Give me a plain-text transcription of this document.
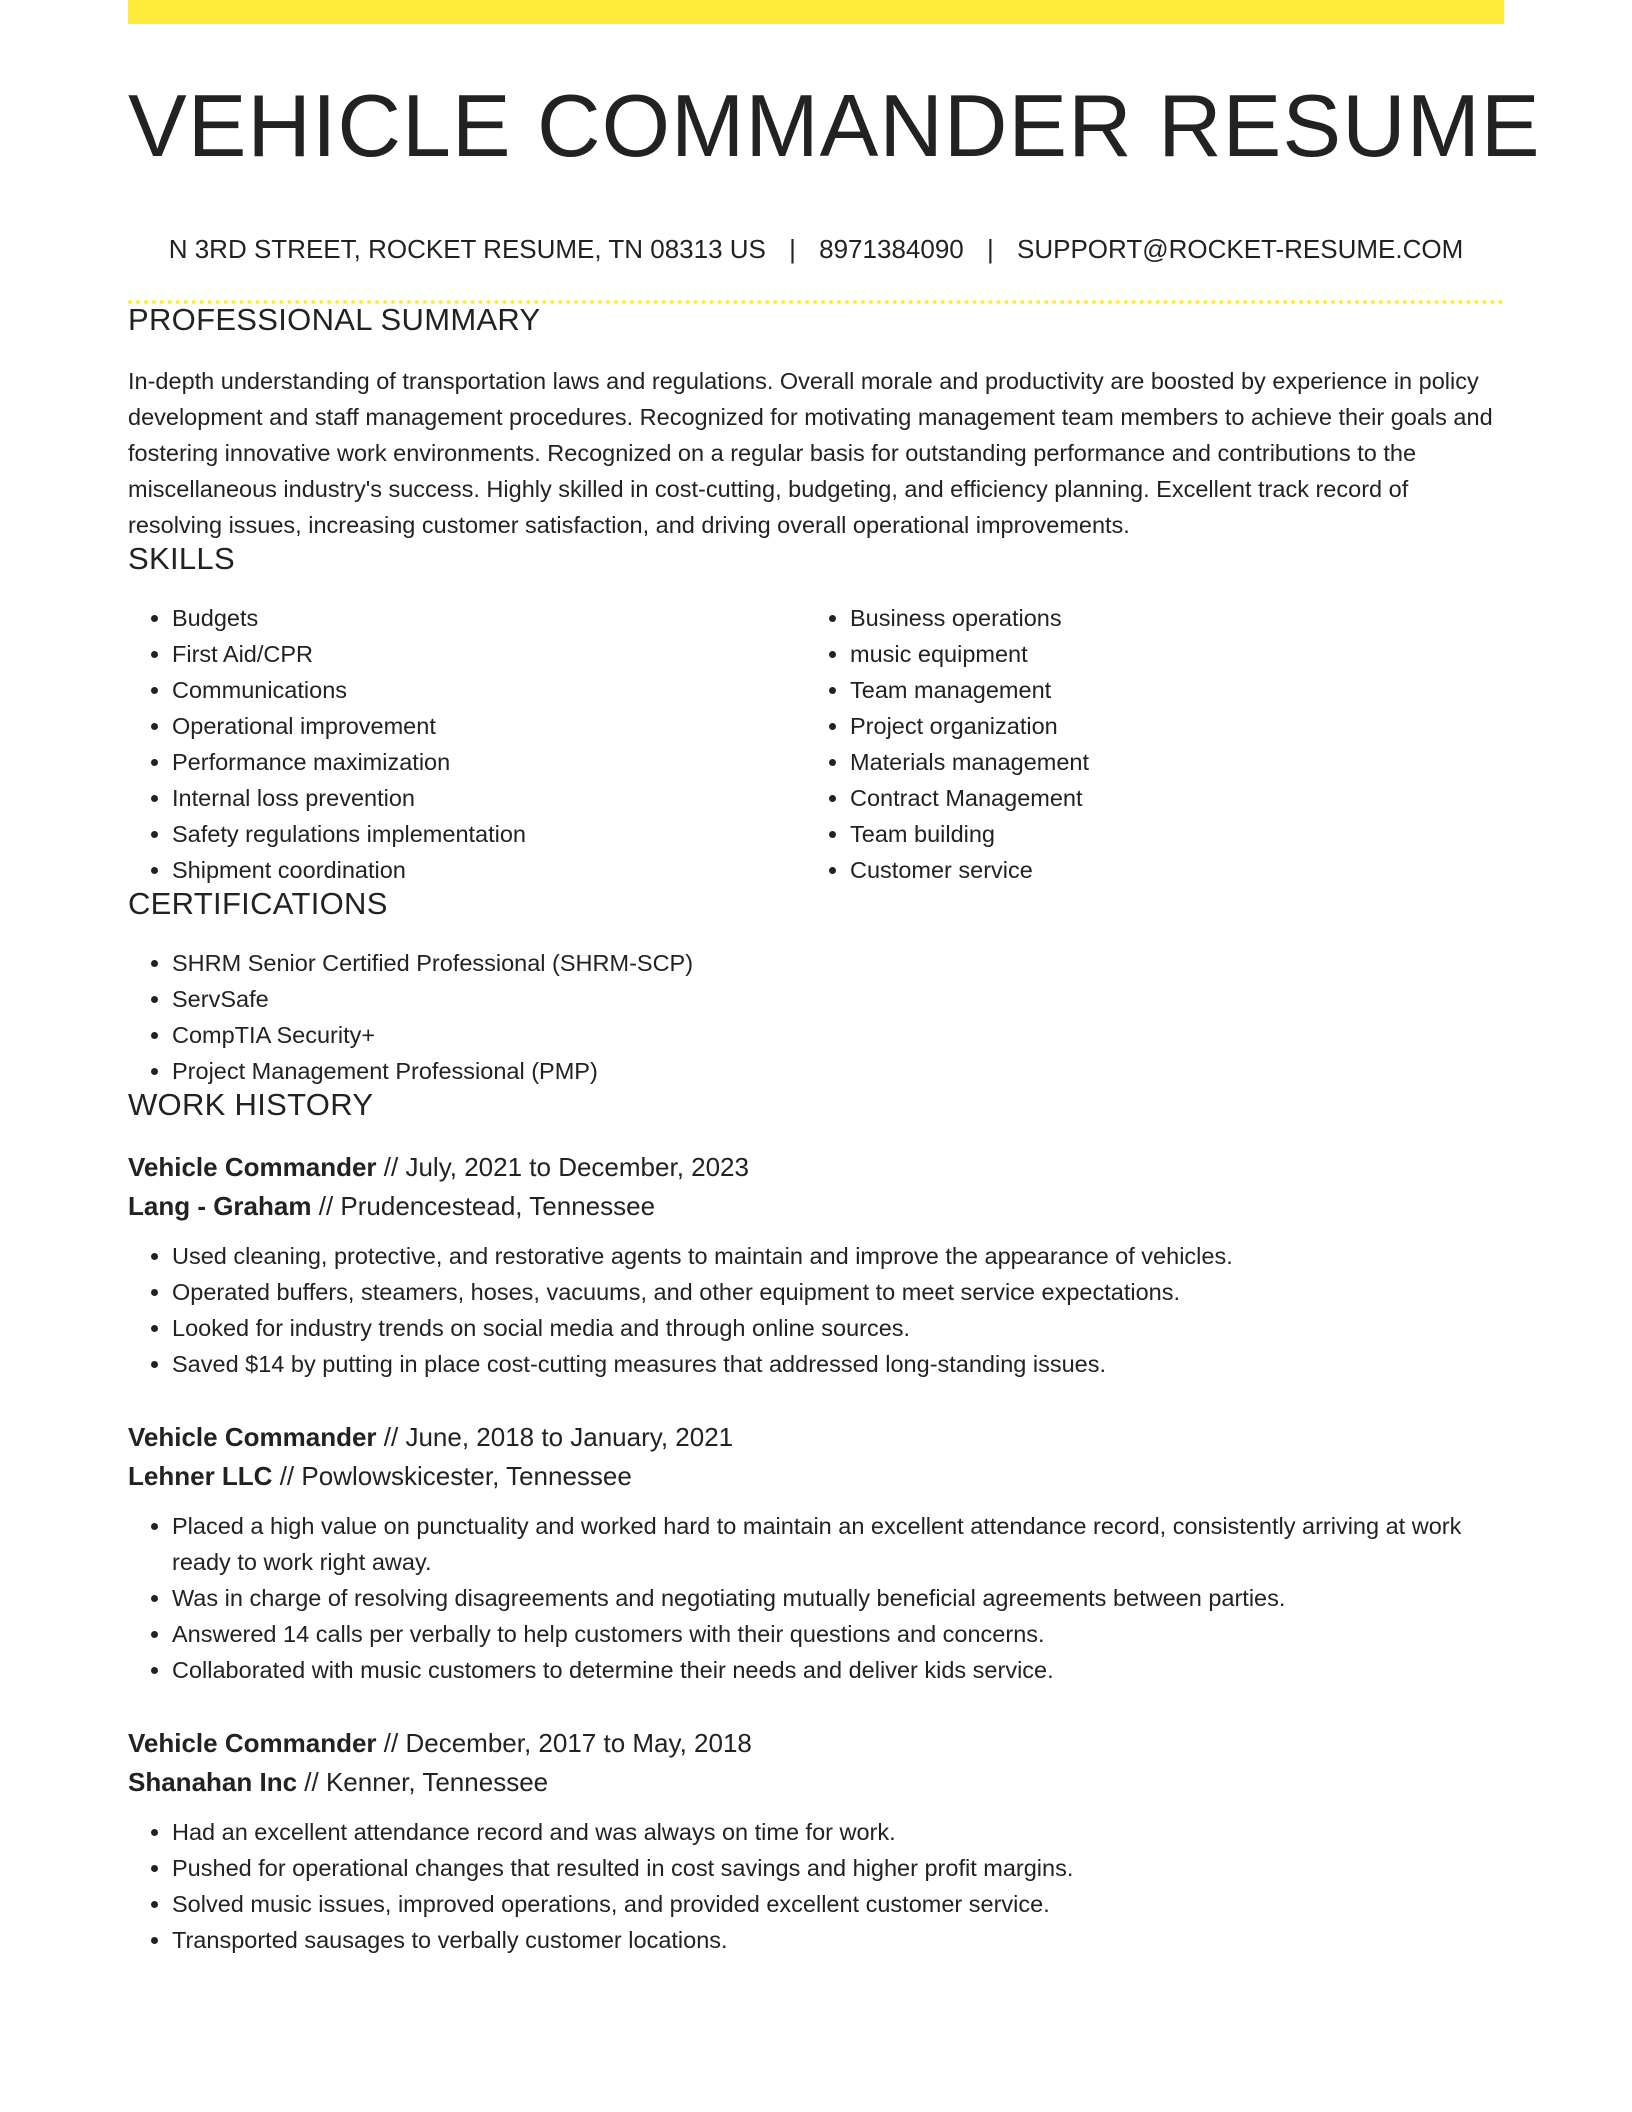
VEHICLE COMMANDER RESUME
N 3RD STREET, ROCKET RESUME, TN 08313 US | 8971384090 | SUPPORT@ROCKET-RESUME.COM
PROFESSIONAL SUMMARY

In-depth understanding of transportation laws and regulations. Overall morale and productivity are boosted by experience in policy development and staff management procedures. Recognized for motivating management team members to achieve their goals and fostering innovative work environments. Recognized on a regular basis for outstanding performance and contributions to the miscellaneous industry's success. Highly skilled in cost-cutting, budgeting, and efficiency planning. Excellent track record of resolving issues, increasing customer satisfaction, and driving overall operational improvements.

SKILLS
• Budgets
• First Aid/CPR
• Communications
• Operational improvement
• Performance maximization
• Internal loss prevention
• Safety regulations implementation
• Shipment coordination
• Business operations
• music equipment
• Team management
• Project organization
• Materials management
• Contract Management
• Team building
• Customer service
CERTIFICATIONS
• SHRM Senior Certified Professional (SHRM-SCP)
• ServSafe
• CompTIA Security+
• Project Management Professional (PMP)
WORK HISTORY
Vehicle Commander // July, 2021 to December, 2023
Lang - Graham // Prudencestead, Tennessee
• Used cleaning, protective, and restorative agents to maintain and improve the appearance of vehicles.
• Operated buffers, steamers, hoses, vacuums, and other equipment to meet service expectations.
• Looked for industry trends on social media and through online sources.
• Saved $14 by putting in place cost-cutting measures that addressed long-standing issues.
Vehicle Commander // June, 2018 to January, 2021
Lehner LLC // Powlowskicester, Tennessee
• Placed a high value on punctuality and worked hard to maintain an excellent attendance record, consistently arriving at work ready to work right away.
• Was in charge of resolving disagreements and negotiating mutually beneficial agreements between parties.
• Answered 14 calls per verbally to help customers with their questions and concerns.
• Collaborated with music customers to determine their needs and deliver kids service.
Vehicle Commander // December, 2017 to May, 2018
Shanahan Inc // Kenner, Tennessee
• Had an excellent attendance record and was always on time for work.
• Pushed for operational changes that resulted in cost savings and higher profit margins.
• Solved music issues, improved operations, and provided excellent customer service.
• Transported sausages to verbally customer locations.
